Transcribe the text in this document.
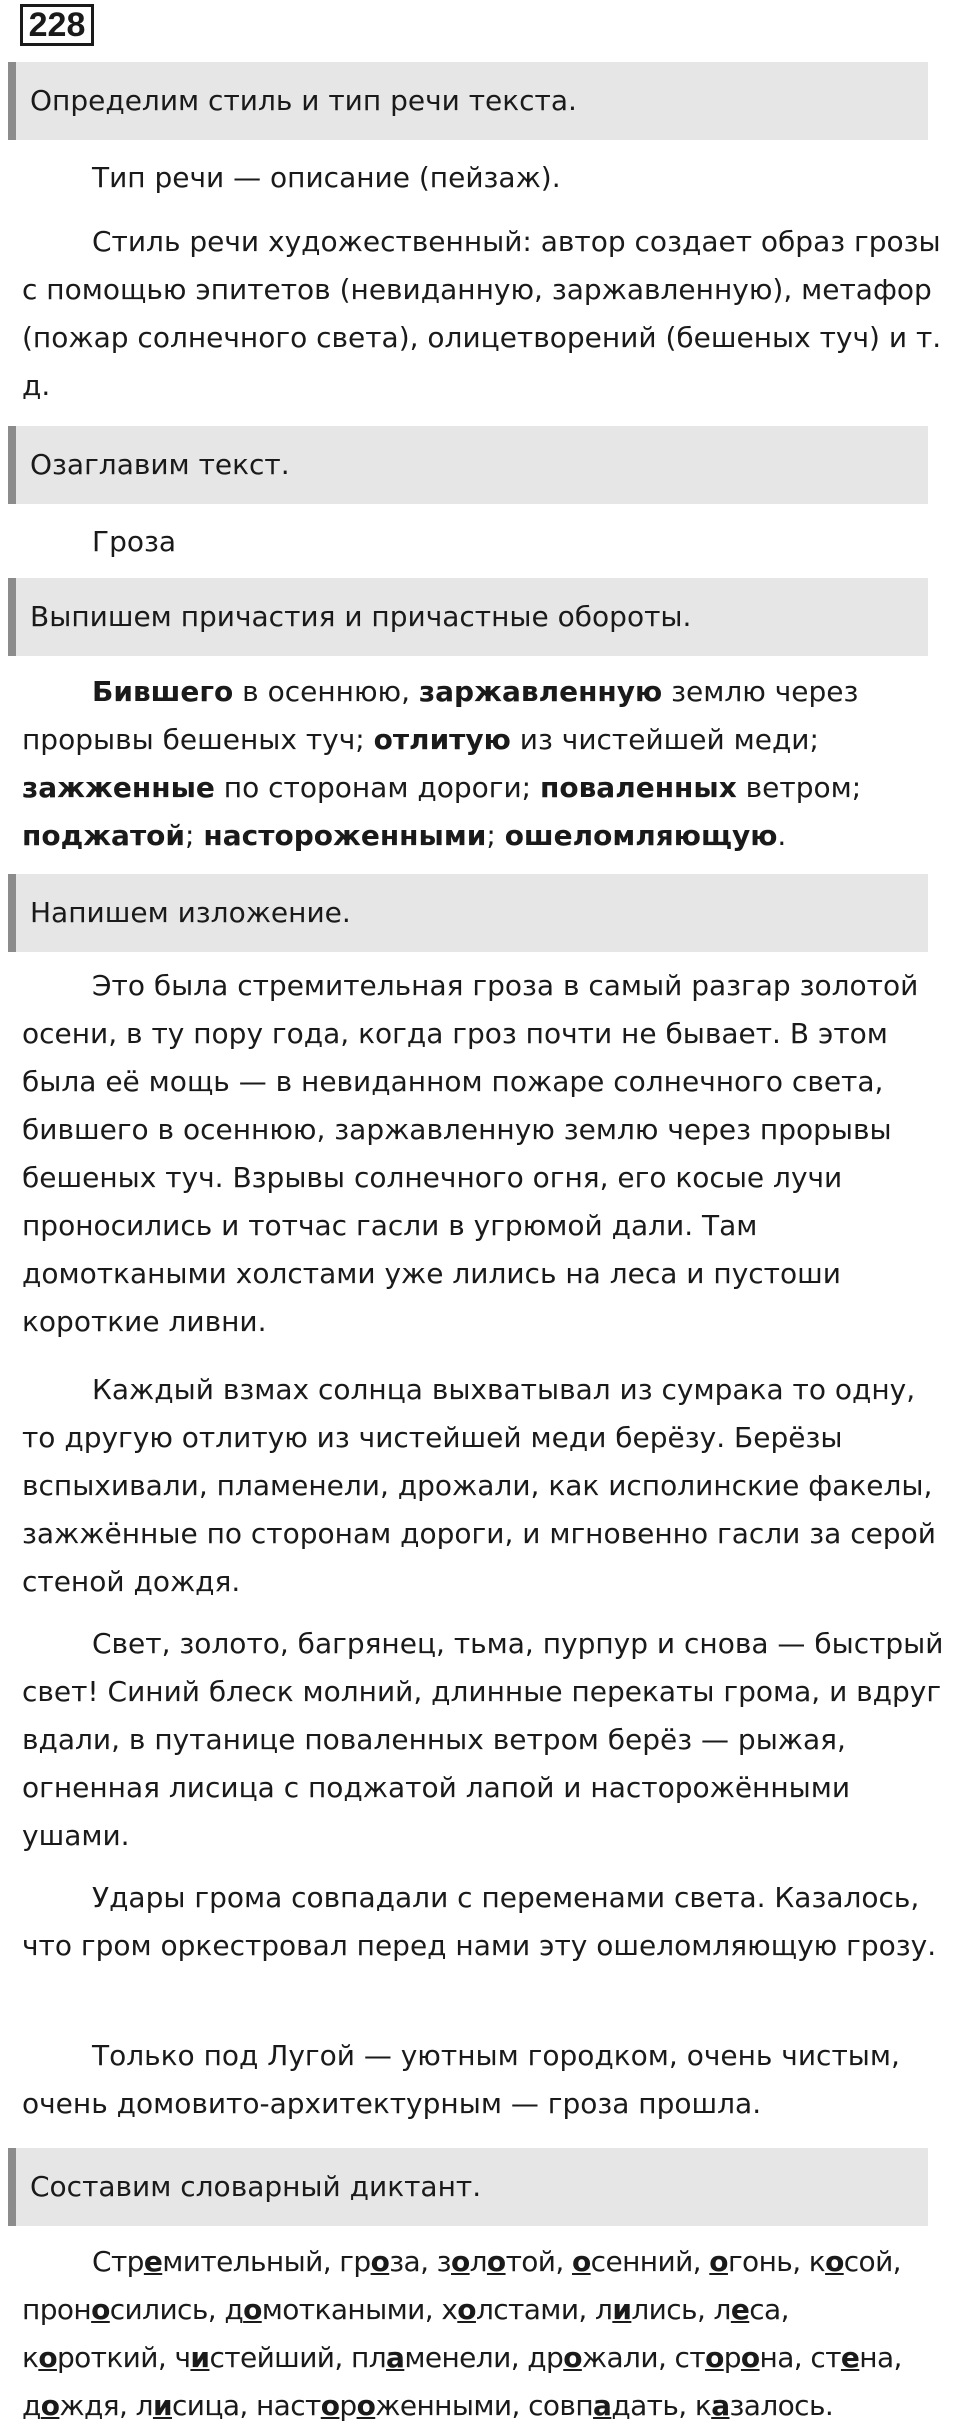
228
Определим стиль и тип речи текста.
Тип речи — описание (пейзаж).
Стиль речи художественный: автор создает образ грозы с помощью эпитетов (невиданную, заржавленную), метафор (пожар солнечного света), олицетворений (бешеных туч) и т. д.
Озаглавим текст.
Гроза
Выпишем причастия и причастные обороты.
Бившего в осеннюю, заржавленную землю через прорывы бешеных туч; отлитую из чистейшей меди; зажженные по сторонам дороги; поваленных ветром; поджатой; настороженными; ошеломляющую.
Напишем изложение.
Это была стремительная гроза в самый разгар золотой осени, в ту пору года, когда гроз почти не бывает. В этом была её мощь — в невиданном пожаре солнечного света, бившего в осеннюю, заржавленную землю через прорывы бешеных туч. Взрывы солнечного огня, его косые лучи проносились и тотчас гасли в угрюмой дали. Там домоткаными холстами уже лились на леса и пустоши короткие ливни.
Каждый взмах солнца выхватывал из сумрака то одну, то другую отлитую из чистейшей меди берёзу. Берёзы вспыхивали, пламенели, дрожали, как исполинские факелы, зажжённые по сторонам дороги, и мгновенно гасли за серой стеной дождя.
Свет, золото, багрянец, тьма, пурпур и снова — быстрый свет! Синий блеск молний, длинные перекаты грома, и вдруг вдали, в путанице поваленных ветром берёз — рыжая, огненная лисица с поджатой лапой и насторожёнными ушами.
Удары грома совпадали с переменами света. Казалось, что гром оркестровал перед нами эту ошеломляющую грозу.
Только под Лугой — уютным городком, очень чистым, очень домовито-архитектурным — гроза прошла.
Составим словарный диктант.
Стремительный, гроза, золотой, осенний, огонь, косой,
проносились, домоткаными, холстами, лились, леса,
короткий, чистейший, пламенели, дрожали, сторона, стена,
дождя, лисица, настороженными, совпадать, казалось.
